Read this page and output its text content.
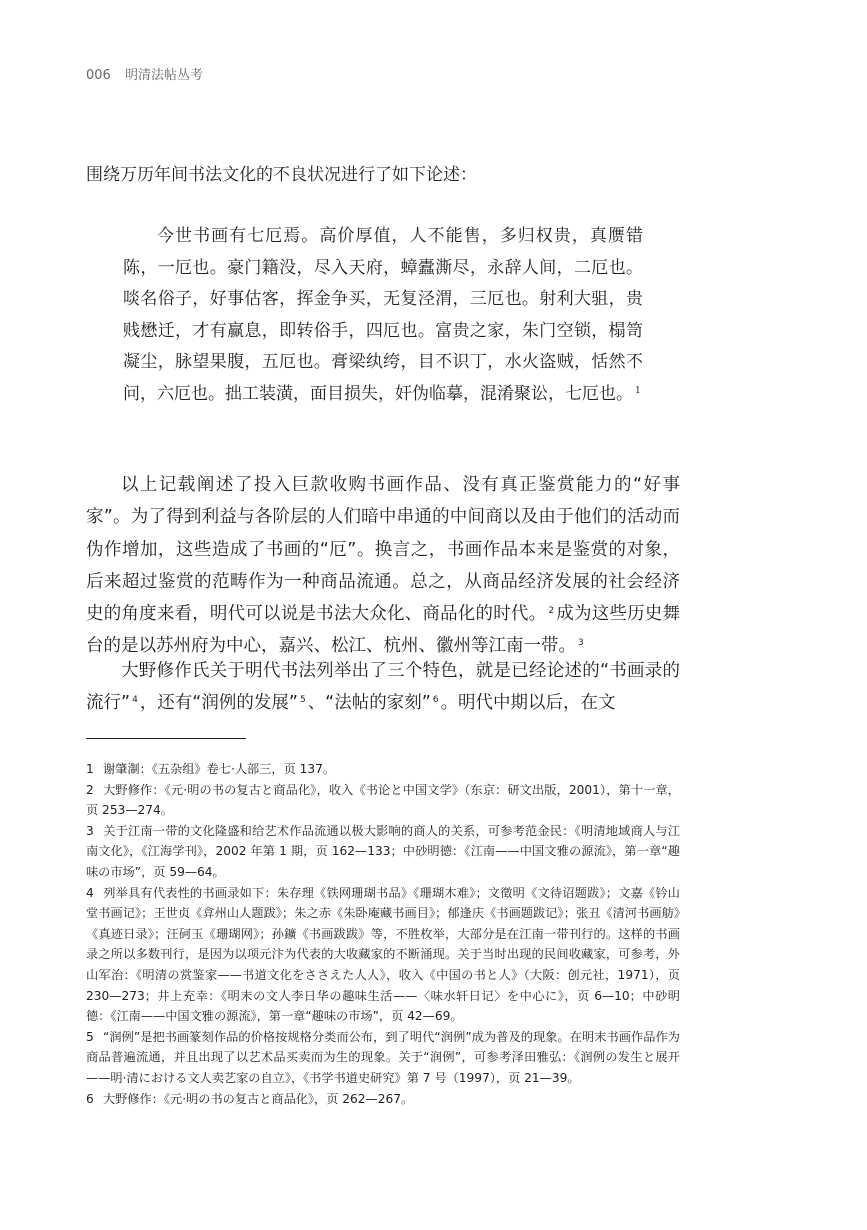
006 明清法帖丛考
围绕万历年间书法文化的不良状况进行了如下论述：
今世书画有七厄焉。高价厚值，人不能售，多归权贵，真赝错陈，一厄也。豪门籍没，尽入天府，蟑蠹澌尽，永辞人间，二厄也。啖名俗子，好事估客，挥金争买，无复泾渭，三厄也。射利大驵，贵贱懋迁，才有赢息，即转俗手，四厄也。富贵之家，朱门空锁，榻笥凝尘，脉望果腹，五厄也。膏梁纨绔，目不识丁，水火盗贼，恬然不问，六厄也。拙工装潢，面目损失，奸伪临摹，混淆聚讼，七厄也。 $^1$

以上记载阐述了投入巨款收购书画作品、没有真正鉴赏能力的“好事家”。为了得到利益与各阶层的人们暗中串通的中间商以及由于他们的活动而伪作增加，这些造成了书画的“厄”。换言之，书画作品本来是鉴赏的对象，后来超过鉴赏的范畴作为一种商品流通。总之，从商品经济发展的社会经济史的角度来看，明代可以说是书法大众化、商品化的时代。 $^2$ 成为这些历史舞台的是以苏州府为中心，嘉兴、松江、杭州、徽州等江南一带。 $^3$

大野修作氏关于明代书法列举出了三个特色，就是已经论述的“书画录的流行” $^4$ ，还有“润例的发展” $^5$ 、“法帖的家刻” $^6$ 。明代中期以后，在文

1 谢肇淛：《五杂组》卷七·人部三，页 137。

2 大野修作：《元·明の书の复古と商品化》，收入《书论と中国文学》（东京：研文出版，2001），第十一章，页 253—274。

3 关于江南一带的文化隆盛和给艺术作品流通以极大影响的商人的关系，可参考范金民：《明清地域商人与江南文化》，《江海学刊》，2002 年第 1 期，页 162—133；中砂明德：《江南——中国文雅の源流》，第一章“趣味の市场”，页 59—64。

4 列举具有代表性的书画录如下：朱存理《铁网珊瑚书品》《珊瑚木难》；文徵明《文待诏题跋》；文嘉《钤山堂书画记》；王世贞《弇州山人题跋》；朱之赤《朱卧庵藏书画目》；郁逢庆《书画题跋记》；张丑《清河书画舫》《真迹日录》；汪砢玉《珊瑚网》；孙鑛《书画跋跋》等，不胜枚举，大部分是在江南一带刊行的。这样的书画录之所以多数刊行，是因为以项元汴为代表的大收藏家的不断涌现。关于当时出现的民间收藏家，可参考，外山军治：《明清の赏鉴家——书道文化をささえた人人》，收入《中国の书と人》（大阪：创元社，1971），页 230—273；井上充幸：《明末の文人李日华の趣味生活——〈味水轩日记〉を中心に》，页 6—10；中砂明德：《江南——中国文雅の源流》，第一章“趣味の市场”，页 42—69。

5 “润例”是把书画篆刻作品的价格按规格分类而公布，到了明代“润例”成为普及的现象。在明末书画作品作为商品普遍流通，并且出现了以艺术品买卖而为生的现象。关于“润例”，可参考泽田雅弘：《润例の发生と展开——明·清における文人卖艺家の自立》，《书学书道史研究》第 7 号（1997），页 21—39。

6 大野修作：《元·明の书の复古と商品化》，页 262—267。
